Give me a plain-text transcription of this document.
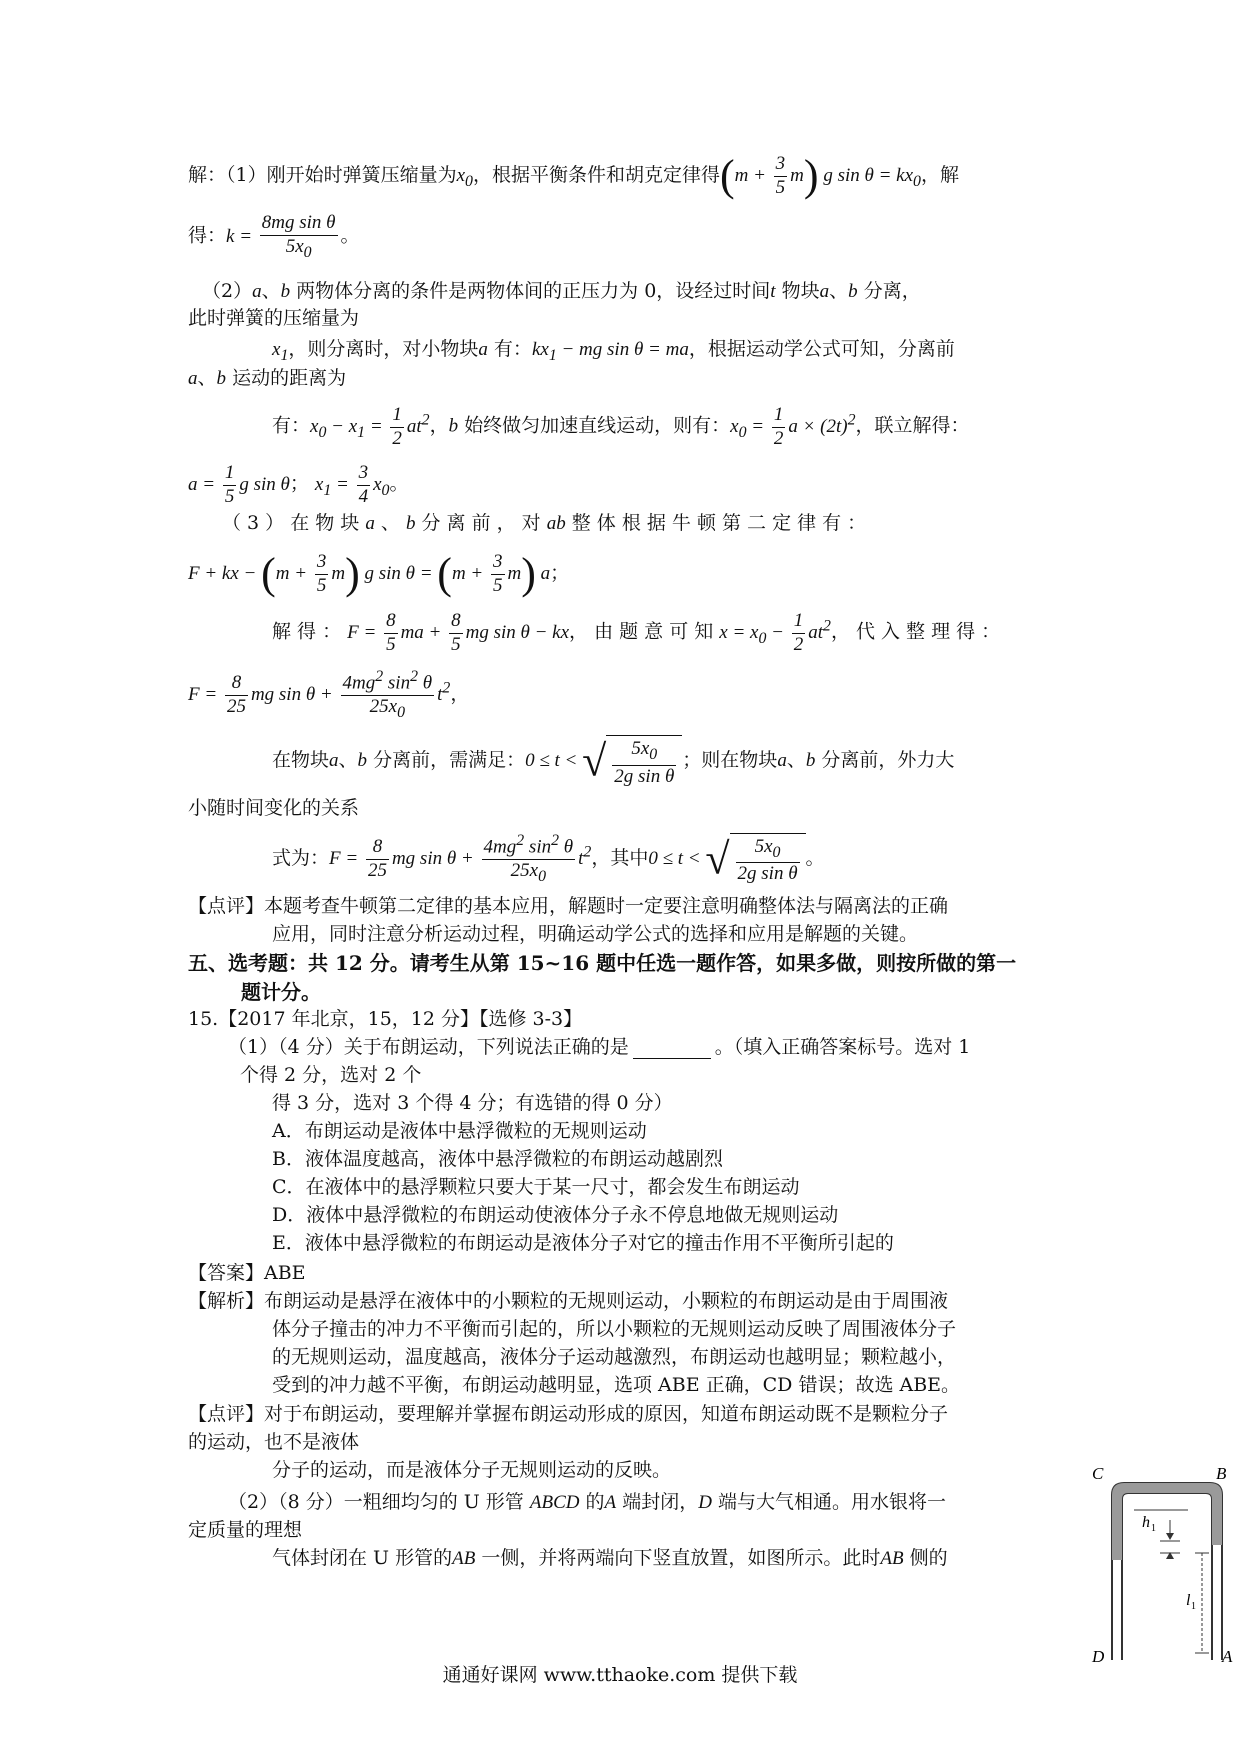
解：（1）刚开始时弹簧压缩量为$x_0$，根据平衡条件和胡克定律得$(m + \frac{3}{5} m)$ g $\sin \theta = kx_0$，解
得：$k = \frac{\text{8mg sin θ}}{5x_0}$ 。
（2）a、b 两物体分离的条件是两物体间的正压力为 0，设经过时间t 物块a、b 分离，
此时弹簧的压缩量为
$x_1$，则分离时，对小物块a 有：$kx_1$ − mg sin θ = ma，根据运动学公式可知，分离前
a、b 运动的距离为
有：$x_0 - x_1 = \frac{1}{2} at^2$，b 始终做匀加速直线运动，则有：$x_0 = \frac{1}{2}$ $a \times (2t)^2$，联立解得：
$a = \frac{1}{5}$ g sin θ； $x_1 = \frac{3}{4} x_0$。
（ 3 ） 在 物 块 a 、 b 分 离 前 ， 对 ab 整 体 根 据 牛 顿 第 二 定 律 有 ：
F + kx − $(m + \frac{3}{5} m)$ g $\sin \theta = (m + \frac{3}{5} m)$ a；
解 得 ： $F = \frac{8}{5}$ ma + $\frac{8}{5}$ mg sin θ − kx， 由 题 意 可 知 $x = x_0 - \frac{1}{2} at^2$， 代 入 整 理 得 ：
$F = \frac{8}{25}$ mg $\sin \theta + \frac{4mg^2 \sin^2 \theta}{25x_0} t^2$，
在物块a、b 分离前，需满足：0 ≤ t < √ $\frac{5x_0}{\text{2g sin θ}}$ ；则在物块a、b 分离前，外力大
小随时间变化的关系
式为：$F = \frac{8}{25}$ mg $\sin \theta + \frac{4mg^2 \sin^2 \theta}{25x_0} t^2$，其中0 ≤ t < √ $\frac{5x_0}{\text{2g sin θ}}$ 。
【点评】本题考查牛顿第二定律的基本应用，解题时一定要注意明确整体法与隔离法的正确
应用，同时注意分析运动过程，明确运动学公式的选择和应用是解题的关键。
五、选考题：共 12 分。请考生从第 15~16 题中任选一题作答，如果多做，则按所做的第一
题计分。
15.【2017 年北京，15，12 分】【选修 3-3】
（1）（4 分）关于布朗运动，下列说法正确的是	。（填入正确答案标号。选对 1
个得 2 分，选对 2 个
得 3 分，选对 3 个得 4 分；有选错的得 0 分）
A．布朗运动是液体中悬浮微粒的无规则运动
B．液体温度越高，液体中悬浮微粒的布朗运动越剧烈
C．在液体中的悬浮颗粒只要大于某一尺寸，都会发生布朗运动
D．液体中悬浮微粒的布朗运动使液体分子永不停息地做无规则运动
E．液体中悬浮微粒的布朗运动是液体分子对它的撞击作用不平衡所引起的
【答案】ABE
【解析】布朗运动是悬浮在液体中的小颗粒的无规则运动，小颗粒的布朗运动是由于周围液
体分子撞击的冲力不平衡而引起的，所以小颗粒的无规则运动反映了周围液体分子
的无规则运动，温度越高，液体分子运动越激烈，布朗运动也越明显；颗粒越小，
受到的冲力越不平衡，布朗运动越明显，选项 ABE 正确，CD 错误；故选 ABE。
【点评】对于布朗运动，要理解并掌握布朗运动形成的原因，知道布朗运动既不是颗粒分子
的运动，也不是液体
分子的运动，而是液体分子无规则运动的反映。
（2）（8 分）一粗细均匀的 U 形管 ABCD 的A 端封闭，D 端与大气相通。用水银将一
定质量的理想
气体封闭在 U 形管的AB 一侧，并将两端向下竖直放置，如图所示。此时AB 侧的
C	B
D	A
h 1
l 1
通通好课网 www.tthaoke.com 提供下载
